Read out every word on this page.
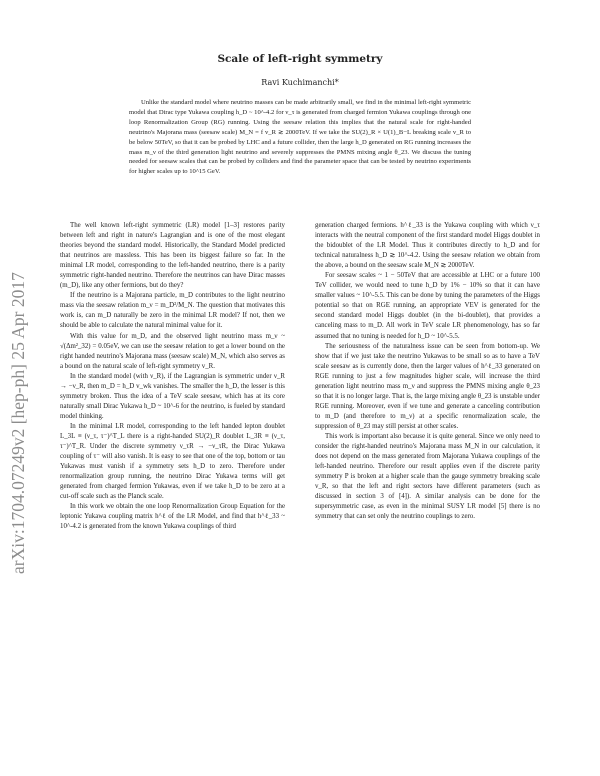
arXiv:1704.07249v2 [hep-ph] 25 Apr 2017
Scale of left-right symmetry
Ravi Kuchimanchi*

Unlike the standard model where neutrino masses can be made arbitrarily small, we find in the minimal left-right symmetric model that Dirac type Yukawa coupling h_D ~ 10^-4.2 for ν_τ is generated from charged fermion Yukawa couplings through one loop Renormalization Group (RG) running. Using the seesaw relation this implies that the natural scale for right-handed neutrino's Majorana mass (seesaw scale) M_N = f v_R ≳ 2000TeV. If we take the SU(2)_R × U(1)_B−L breaking scale v_R to be below 50TeV, so that it can be probed by LHC and a future collider, then the large h_D generated on RG running increases the mass m_ν of the third generation light neutrino and severely suppresses the PMNS mixing angle θ_23. We discuss the tuning needed for seesaw scales that can be probed by colliders and find the parameter space that can be tested by neutrino experiments for higher scales up to 10^15 GeV.

The well known left-right symmetric (LR) model [1–3] restores parity between left and right in nature's Lagrangian and is one of the most elegant theories beyond the standard model. Historically, the Standard Model predicted that neutrinos are massless. This has been its biggest failure so far. In the minimal LR model, corresponding to the left-handed neutrino, there is a parity symmetric right-handed neutrino. Therefore the neutrinos can have Dirac masses (m_D), like any other fermions, but do they?

If the neutrino is a Majorana particle, m_D contributes to the light neutrino mass via the seesaw relation m_ν = m_D²/M_N. The question that motivates this work is, can m_D naturally be zero in the minimal LR model? If not, then we should be able to calculate the natural minimal value for it.

With this value for m_D, and the observed light neutrino mass m_ν ~ √(Δm²_32) = 0.05eV, we can use the seesaw relation to get a lower bound on the right handed neutrino's Majorana mass (seesaw scale) M_N, which also serves as a bound on the natural scale of left-right symmetry v_R.

In the standard model (with ν_R), if the Lagrangian is symmetric under ν_R → −ν_R, then m_D = h_D v_wk vanishes. The smaller the h_D, the lesser is this symmetry broken. Thus the idea of a TeV scale seesaw, which has at its core naturally small Dirac Yukawa h_D ~ 10^-6 for the neutrino, is fueled by standard model thinking.

In the minimal LR model, corresponding to the left handed lepton doublet L_3L ≡ (ν_τ, τ⁻)^T_L there is a right-handed SU(2)_R doublet L_3R ≡ (ν_τ, τ⁻)^T_R. Under the discrete symmetry ν_τR → −ν_τR, the Dirac Yukawa coupling of τ⁻ will also vanish. It is easy to see that one of the top, bottom or tau Yukawas must vanish if a symmetry sets h_D to zero. Therefore under renormalization group running, the neutrino Dirac Yukawa terms will get generated from charged fermion Yukawas, even if we take h_D to be zero at a cut-off scale such as the Planck scale.

In this work we obtain the one loop Renormalization Group Equation for the leptonic Yukawa coupling matrix h^ℓ of the LR Model, and find that h^ℓ_33 ~ 10^-4.2 is generated from the known Yukawa couplings of third

generation charged fermions. h^ℓ_33 is the Yukawa coupling with which ν_τ interacts with the neutral component of the first standard model Higgs doublet in the bidoublet of the LR Model. Thus it contributes directly to h_D and for technical naturalness h_D ≳ 10^-4.2. Using the seesaw relation we obtain from the above, a bound on the seesaw scale M_N ≳ 2000TeV.

For seesaw scales ~ 1 − 50TeV that are accessible at LHC or a future 100 TeV collider, we would need to tune h_D by 1% − 10% so that it can have smaller values ~ 10^-5.5. This can be done by tuning the parameters of the Higgs potential so that on RGE running, an appropriate VEV is generated for the second standard model Higgs doublet (in the bi-doublet), that provides a canceling mass to m_D. All work in TeV scale LR phenomenology, has so far assumed that no tuning is needed for h_D ~ 10^-5.5.

The seriousness of the naturalness issue can be seen from bottom-up. We show that if we just take the neutrino Yukawas to be small so as to have a TeV scale seesaw as is currently done, then the larger values of h^ℓ_33 generated on RGE running to just a few magnitudes higher scale, will increase the third generation light neutrino mass m_ν and suppress the PMNS mixing angle θ_23 so that it is no longer large. That is, the large mixing angle θ_23 is unstable under RGE running. Moreover, even if we tune and generate a canceling contribution to m_D (and therefore to m_ν) at a specific renormalization scale, the suppression of θ_23 may still persist at other scales.

This work is important also because it is quite general. Since we only need to consider the right-handed neutrino's Majorana mass M_N in our calculation, it does not depend on the mass generated from Majorana Yukawa couplings of the left-handed neutrino. Therefore our result applies even if the discrete parity symmetry P is broken at a higher scale than the gauge symmetry breaking scale v_R, so that the left and right sectors have different parameters (such as discussed in section 3 of [4]). A similar analysis can be done for the supersymmetric case, as even in the minimal SUSY LR model [5] there is no symmetry that can set only the neutrino couplings to zero.
